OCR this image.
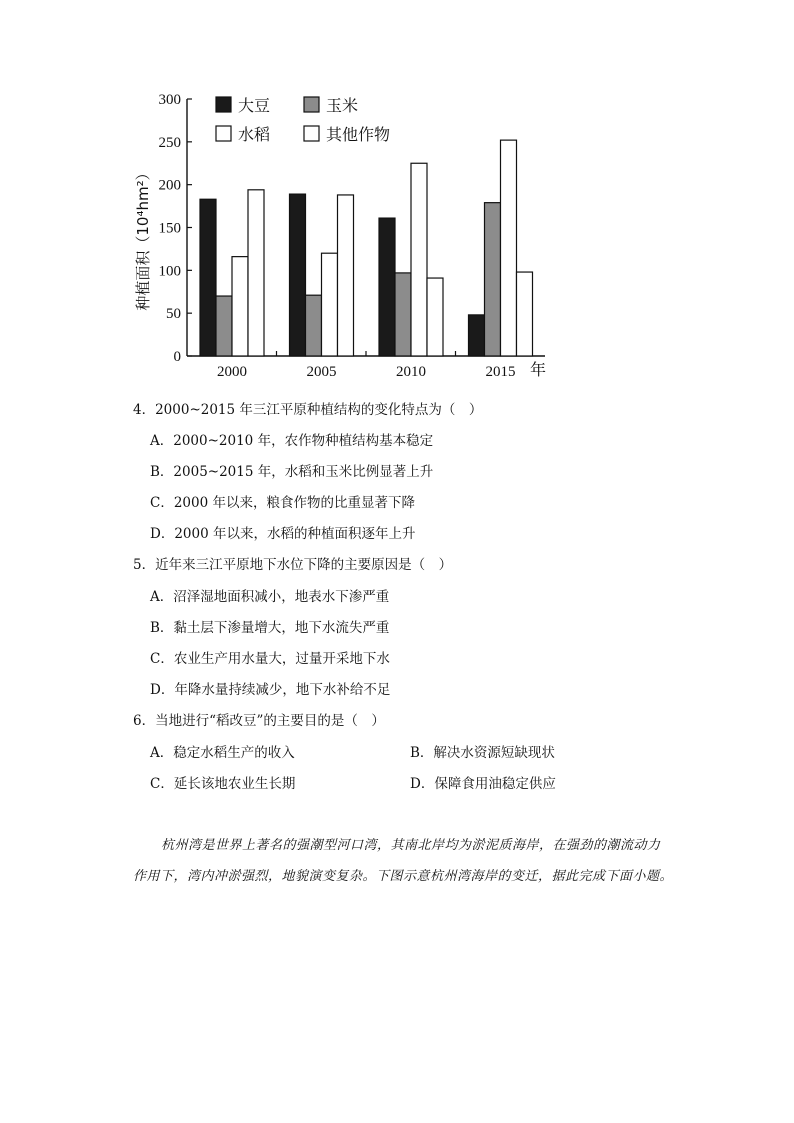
0
50
100
150
200
250
300
2000	2005	2010	2015
大豆	玉米
水稻	其他作物
种植面积（10⁴hm²）
年
4．2000~2015 年三江平原种植结构的变化特点为（　）
A．2000~2010 年，农作物种植结构基本稳定
B．2005~2015 年，水稻和玉米比例显著上升
C．2000 年以来，粮食作物的比重显著下降
D．2000 年以来，水稻的种植面积逐年上升
5．近年来三江平原地下水位下降的主要原因是（　）
A．沼泽湿地面积减小，地表水下渗严重
B．黏土层下渗量增大，地下水流失严重
C．农业生产用水量大，过量开采地下水
D．年降水量持续减少，地下水补给不足
6．当地进行“稻改豆”的主要目的是（　）
A．稳定水稻生产的收入	B．解决水资源短缺现状
C．延长该地农业生长期	D．保障食用油稳定供应
杭州湾是世界上著名的强潮型河口湾，其南北岸均为淤泥质海岸，在强劲的潮流动力作用下，湾内冲淤强烈，地貌演变复杂。下图示意杭州湾海岸的变迁，据此完成下面小题。
